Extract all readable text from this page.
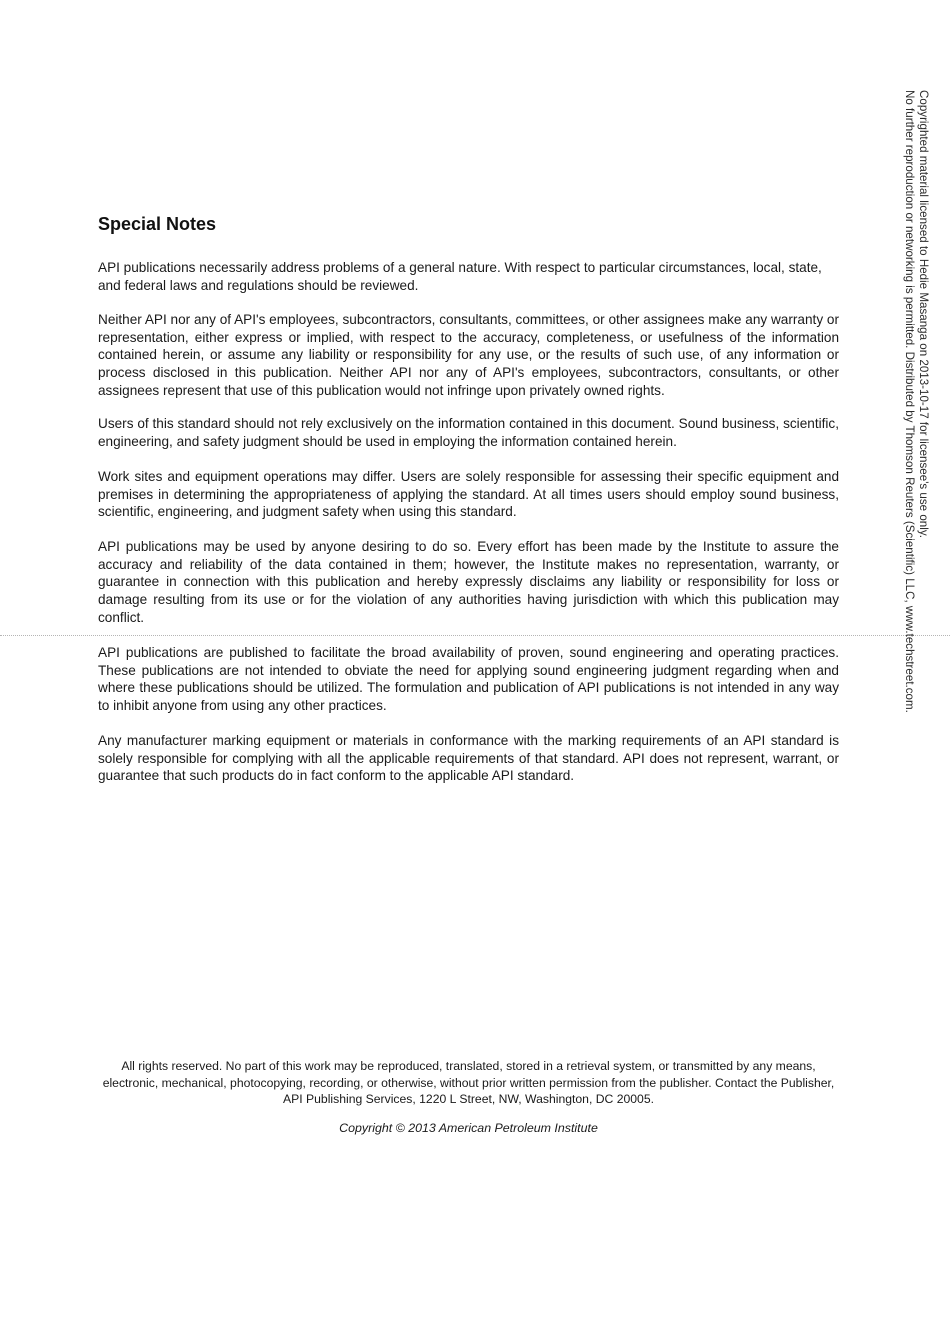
Special Notes

API publications necessarily address problems of a general nature. With respect to particular circumstances, local, state, and federal laws and regulations should be reviewed.

Neither API nor any of API's employees, subcontractors, consultants, committees, or other assignees make any warranty or representation, either express or implied, with respect to the accuracy, completeness, or usefulness of the information contained herein, or assume any liability or responsibility for any use, or the results of such use, of any information or process disclosed in this publication. Neither API nor any of API's employees, subcontractors, consultants, or other assignees represent that use of this publication would not infringe upon privately owned rights.

Users of this standard should not rely exclusively on the information contained in this document. Sound business, scientific, engineering, and safety judgment should be used in employing the information contained herein.

Work sites and equipment operations may differ. Users are solely responsible for assessing their specific equipment and premises in determining the appropriateness of applying the standard. At all times users should employ sound business, scientific, engineering, and judgment safety when using this standard.

API publications may be used by anyone desiring to do so. Every effort has been made by the Institute to assure the accuracy and reliability of the data contained in them; however, the Institute makes no representation, warranty, or guarantee in connection with this publication and hereby expressly disclaims any liability or responsibility for loss or damage resulting from its use or for the violation of any authorities having jurisdiction with which this publication may conflict.

API publications are published to facilitate the broad availability of proven, sound engineering and operating practices. These publications are not intended to obviate the need for applying sound engineering judgment regarding when and where these publications should be utilized. The formulation and publication of API publications is not intended in any way to inhibit anyone from using any other practices.

Any manufacturer marking equipment or materials in conformance with the marking requirements of an API standard is solely responsible for complying with all the applicable requirements of that standard. API does not represent, warrant, or guarantee that such products do in fact conform to the applicable API standard.

All rights reserved. No part of this work may be reproduced, translated, stored in a retrieval system, or transmitted by any means, electronic, mechanical, photocopying, recording, or otherwise, without prior written permission from the publisher. Contact the Publisher, API Publishing Services, 1220 L Street, NW, Washington, DC 20005.

Copyright © 2013 American Petroleum Institute

Copyrighted material licensed to Hedie Masanga on 2013-10-17 for licensee's use only.
No further reproduction or networking is permitted. Distributed by Thomson Reuters (Scientific) LLC, www.techstreet.com.
